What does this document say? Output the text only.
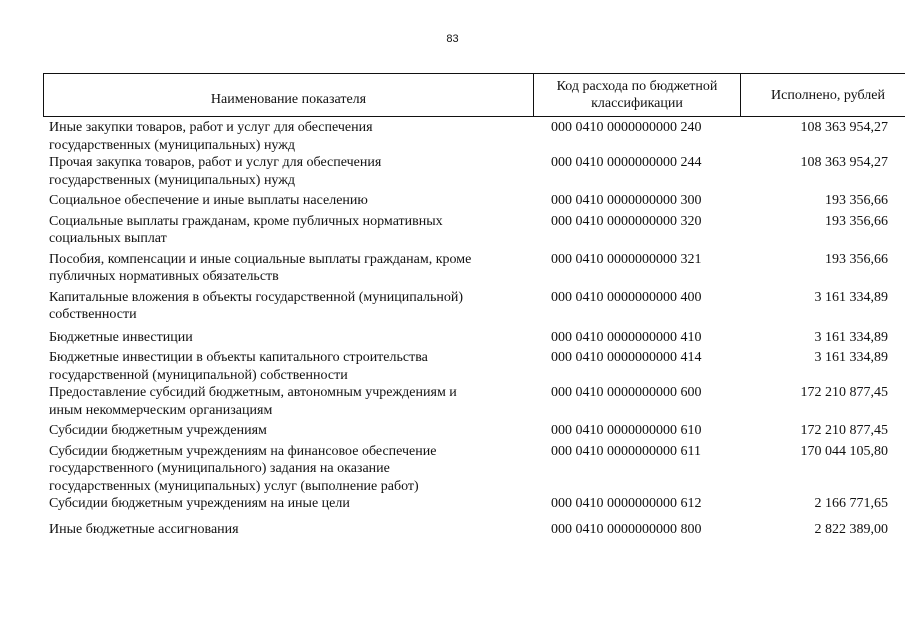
83
Наименование показателя

Код расхода по бюджетной
классификации
	Исполнено, рублей
Иные закупки товаров, работ и услуг для обеспечения
государственных (муниципальных) нужд
000 0410 0000000000 240	108 363 954,27
Прочая закупка товаров, работ и услуг для обеспечения
государственных (муниципальных) нужд
000 0410 0000000000 244	108 363 954,27
Социальное обеспечение и иные выплаты населению	000 0410 0000000000 300	193 356,66
Социальные выплаты гражданам, кроме публичных нормативных
социальных выплат
000 0410 0000000000 320	193 356,66
Пособия, компенсации и иные социальные выплаты гражданам, кроме
публичных нормативных обязательств
000 0410 0000000000 321	193 356,66
Капитальные вложения в объекты государственной (муниципальной)
собственности
000 0410 0000000000 400	3 161 334,89
Бюджетные инвестиции	000 0410 0000000000 410	3 161 334,89
Бюджетные инвестиции в объекты капитального строительства
государственной (муниципальной) собственности
000 0410 0000000000 414	3 161 334,89
Предоставление субсидий бюджетным, автономным учреждениям и
иным некоммерческим организациям
000 0410 0000000000 600	172 210 877,45
Субсидии бюджетным учреждениям	000 0410 0000000000 610	172 210 877,45
Субсидии бюджетным учреждениям на финансовое обеспечение
государственного (муниципального) задания на оказание
государственных (муниципальных) услуг (выполнение работ)
000 0410 0000000000 611	170 044 105,80
Субсидии бюджетным учреждениям на иные цели	000 0410 0000000000 612	2 166 771,65
Иные бюджетные ассигнования	000 0410 0000000000 800	2 822 389,00
